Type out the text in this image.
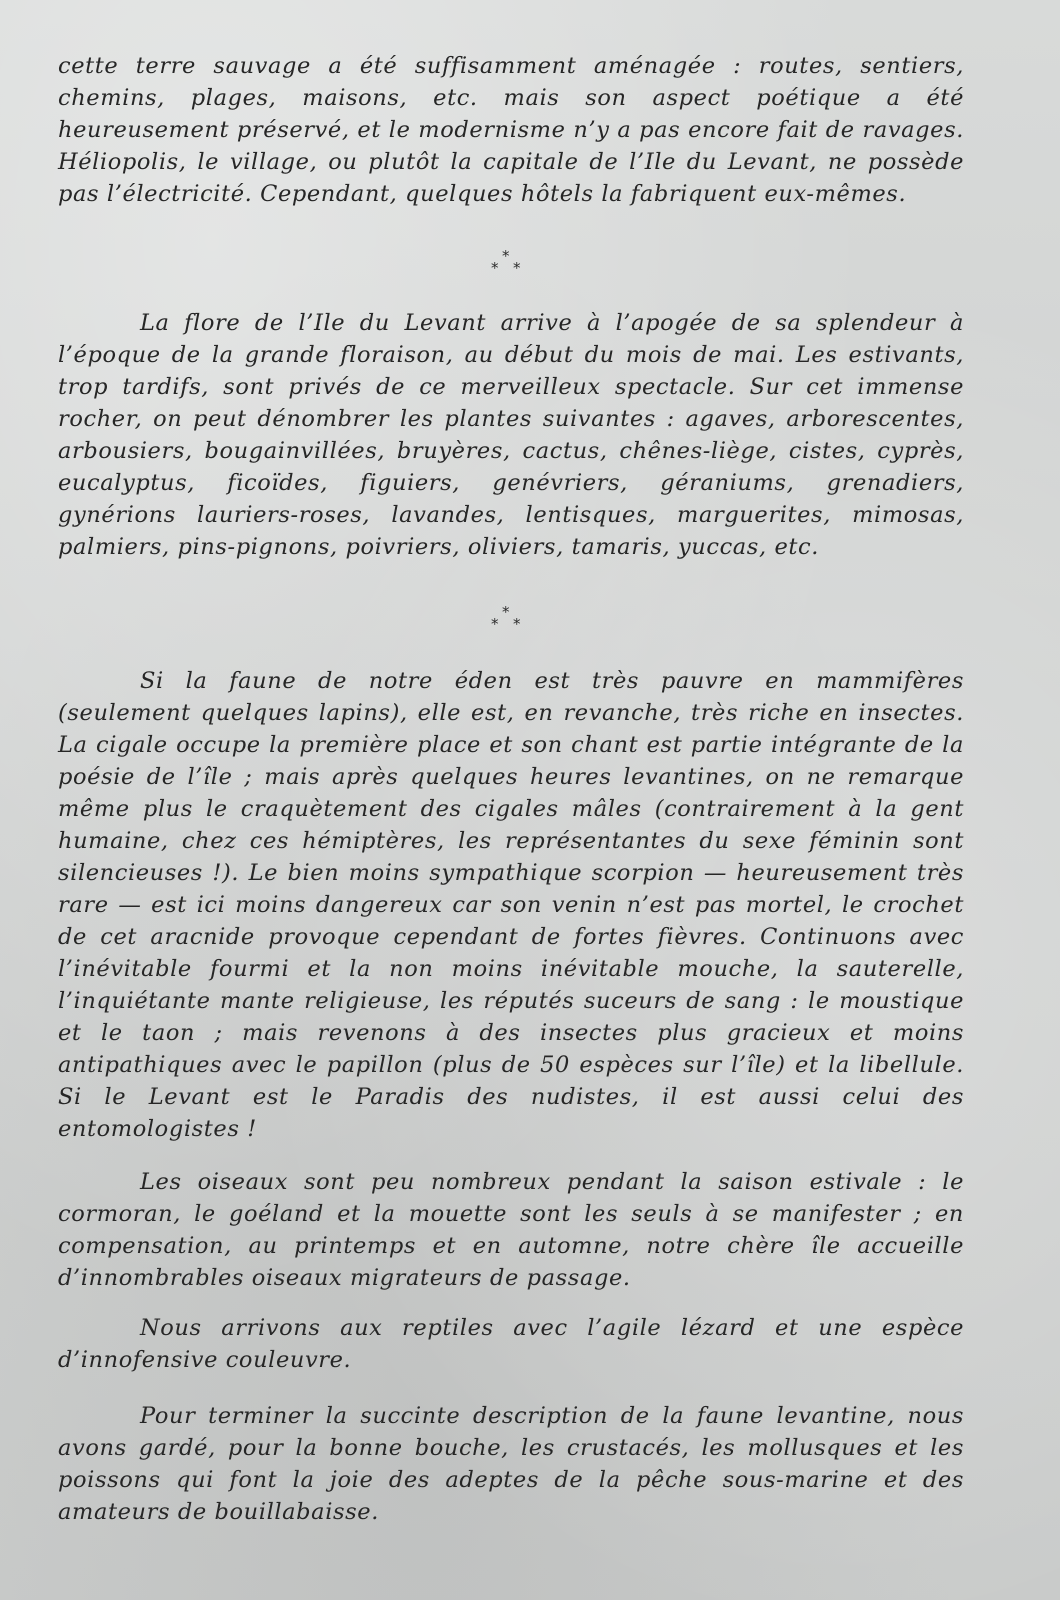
cette terre sauvage a été suffisamment aménagée : routes, sentiers, chemins, plages, maisons, etc. mais son aspect poétique a été heureusement préservé, et le modernisme n’y a pas encore fait de ravages. Héliopolis, le village, ou plutôt la capitale de l’Ile du Levant, ne possède pas l’électricité. Cependant, quelques hôtels la fabriquent eux-mêmes.

*
* *

La flore de l’Ile du Levant arrive à l’apogée de sa splendeur à l’époque de la grande floraison, au début du mois de mai. Les estivants, trop tardifs, sont privés de ce merveilleux spectacle. Sur cet immense rocher, on peut dénombrer les plantes suivantes : agaves, arborescentes, arbousiers, bougainvillées, bruyères, cactus, chênes-liège, cistes, cyprès, eucalyptus, ficoïdes, figuiers, genévriers, géraniums, grenadiers, gynérions lauriers-roses, lavandes, lentisques, marguerites, mimosas, palmiers, pins-pignons, poivriers, oliviers, tamaris, yuccas, etc.

*
* *

Si la faune de notre éden est très pauvre en mammifères (seulement quelques lapins), elle est, en revanche, très riche en insectes. La cigale occupe la première place et son chant est partie intégrante de la poésie de l’île ; mais après quelques heures levantines, on ne remarque même plus le craquètement des cigales mâles (contrairement à la gent humaine, chez ces hémiptères, les représentantes du sexe féminin sont silencieuses !). Le bien moins sympathique scorpion — heureusement très rare — est ici moins dangereux car son venin n’est pas mortel, le crochet de cet aracnide provoque cependant de fortes fièvres. Continuons avec l’inévitable fourmi et la non moins inévitable mouche, la sauterelle, l’inquiétante mante religieuse, les réputés suceurs de sang : le moustique et le taon ; mais revenons à des insectes plus gracieux et moins antipathiques avec le papillon (plus de 50 espèces sur l’île) et la libellule. Si le Levant est le Paradis des nudistes, il est aussi celui des entomologistes !

Les oiseaux sont peu nombreux pendant la saison estivale : le cormoran, le goéland et la mouette sont les seuls à se manifester ; en compensation, au printemps et en automne, notre chère île accueille d’innombrables oiseaux migrateurs de passage.

Nous arrivons aux reptiles avec l’agile lézard et une espèce d’innofensive couleuvre.

Pour terminer la succinte description de la faune levantine, nous avons gardé, pour la bonne bouche, les crustacés, les mollusques et les poissons qui font la joie des adeptes de la pêche sous-marine et des amateurs de bouillabaisse.
